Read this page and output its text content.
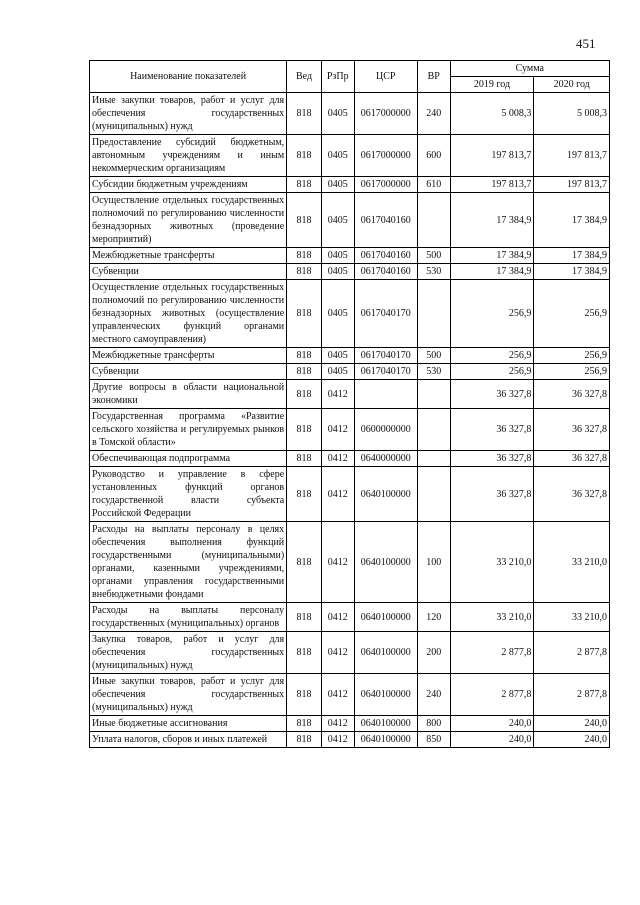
451
Наименование показателей	Вед	РзПр	ЦСР	ВР	Сумма	
					2019 год	2020 год
Иные закупки товаров, работ и услуг для обеспечения государственных (муниципальных) нужд	818	0405	0617000000	240	5 008,3	5 008,3
Предоставление субсидий бюджетным, автономным учреждениям и иным некоммерческим организациям	818	0405	0617000000	600	197 813,7	197 813,7
Субсидии бюджетным учреждениям	818	0405	0617000000	610	197 813,7	197 813,7
Осуществление отдельных государственных полномочий по регулированию численности безнадзорных животных (проведение мероприятий)	818	0405	0617040160		17 384,9	17 384,9
Межбюджетные трансферты	818	0405	0617040160	500	17 384,9	17 384,9
Субвенции	818	0405	0617040160	530	17 384,9	17 384,9
Осуществление отдельных государственных полномочий по регулированию численности безнадзорных животных (осуществление управленческих функций органами местного самоуправления)	818	0405	0617040170		256,9	256,9
Межбюджетные трансферты	818	0405	0617040170	500	256,9	256,9
Субвенции	818	0405	0617040170	530	256,9	256,9
Другие вопросы в области национальной экономики	818	0412			36 327,8	36 327,8
Государственная программа «Развитие сельского хозяйства и регулируемых рынков в Томской области»	818	0412	0600000000		36 327,8	36 327,8
Обеспечивающая подпрограмма	818	0412	0640000000		36 327,8	36 327,8
Руководство и управление в сфере установленных функций органов государственной власти субъекта Российской Федерации	818	0412	0640100000		36 327,8	36 327,8
Расходы на выплаты персоналу в целях обеспечения выполнения функций государственными (муниципальными) органами, казенными учреждениями, органами управления государственными внебюджетными фондами	818	0412	0640100000	100	33 210,0	33 210,0
Расходы на выплаты персоналу государственных (муниципальных) органов	818	0412	0640100000	120	33 210,0	33 210,0
Закупка товаров, работ и услуг для обеспечения государственных (муниципальных) нужд	818	0412	0640100000	200	2 877,8	2 877,8
Иные закупки товаров, работ и услуг для обеспечения государственных (муниципальных) нужд	818	0412	0640100000	240	2 877,8	2 877,8
Иные бюджетные ассигнования	818	0412	0640100000	800	240,0	240,0
Уплата налогов, сборов и иных платежей	818	0412	0640100000	850	240,0	240,0
